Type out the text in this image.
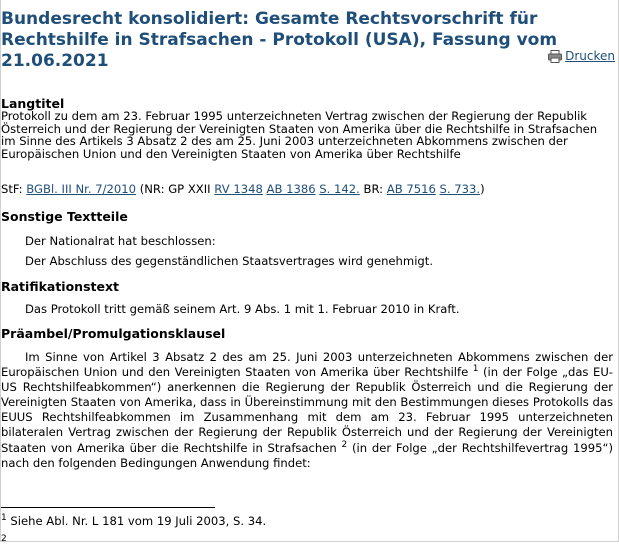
Bundesrecht konsolidiert: Gesamte Rechtsvorschrift für Rechtshilfe in Strafsachen - Protokoll (USA), Fassung vom 21.06.2021	Drucken
Langtitel
Protokoll zu dem am 23. Februar 1995 unterzeichneten Vertrag zwischen der Regierung der Republik Österreich und der Regierung der Vereinigten Staaten von Amerika über die Rechtshilfe in Strafsachen im Sinne des Artikels 3 Absatz 2 des am 25. Juni 2003 unterzeichneten Abkommens zwischen der Europäischen Union und den Vereinigten Staaten von Amerika über Rechtshilfe
StF: BGBl. III Nr. 7/2010 (NR: GP XXII RV 1348 AB 1386 S. 142. BR: AB 7516 S. 733.)
Sonstige Textteile
Der Nationalrat hat beschlossen:
Der Abschluss des gegenständlichen Staatsvertrages wird genehmigt.
Ratifikationstext
Das Protokoll tritt gemäß seinem Art. 9 Abs. 1 mit 1. Februar 2010 in Kraft.
Präambel/Promulgationsklausel
Im Sinne von Artikel 3 Absatz 2 des am 25. Juni 2003 unterzeichneten Abkommens zwischen der Europäischen Union und den Vereinigten Staaten von Amerika über Rechtshilfe $^1$ (in der Folge „das EU-US Rechtshilfeabkommen“) anerkennen die Regierung der Republik Österreich und die Regierung der Vereinigten Staaten von Amerika, dass in Übereinstimmung mit den Bestimmungen dieses Protokolls das EUUS Rechtshilfeabkommen im Zusammenhang mit dem am 23. Februar 1995 unterzeichneten bilateralen Vertrag zwischen der Regierung der Republik Österreich und der Regierung der Vereinigten Staaten von Amerika über die Rechtshilfe in Strafsachen $^2$ (in der Folge „der Rechtshilfevertrag 1995“) nach den folgenden Bedingungen Anwendung findet:
$^1$ Siehe Abl. Nr. L 181 vom 19 Juli 2003, S. 34.
$^2$
